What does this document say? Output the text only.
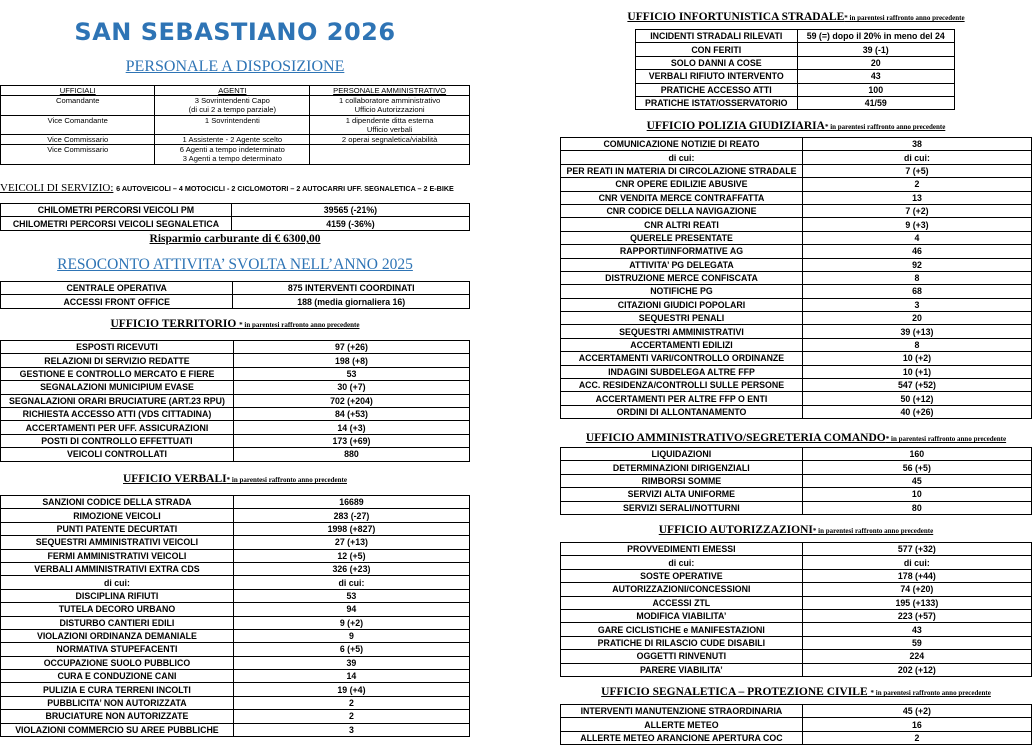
SAN SEBASTIANO 2026
PERSONALE A DISPOSIZIONE
UFFICIALI	AGENTI	PERSONALE AMMINISTRATIVO
Comandante	3 Sovrintendenti Capo	1 collaboratore amministrativo
	(di cui 2 a tempo parziale)	Ufficio Autorizzazioni
Vice Comandante	1 Sovrintendenti	1 dipendente ditta esterna
		Ufficio verbali
Vice Commissario	1 Assistente - 2 Agente scelto	2 operai segnaletica/viabilità
Vice Commissario	6 Agenti a tempo indeterminato	
	3 Agenti a tempo determinato	
VEICOLI DI SERVIZIO: 6 AUTOVEICOLI – 4 MOTOCICLI - 2 CICLOMOTORI – 2 AUTOCARRI UFF. SEGNALETICA – 2 E-BIKE
CHILOMETRI PERCORSI VEICOLI PM	39565 (-21%)
CHILOMETRI PERCORSI VEICOLI SEGNALETICA	4159 (-36%)
Risparmio carburante di € 6300,00
RESOCONTO ATTIVITA’ SVOLTA NELL’ANNO 2025
CENTRALE OPERATIVA	875 INTERVENTI COORDINATI
ACCESSI FRONT OFFICE	188 (media giornaliera 16)
UFFICIO TERRITORIO * in parentesi raffronto anno precedente
ESPOSTI RICEVUTI	97 (+26)
RELAZIONI DI SERVIZIO REDATTE	198 (+8)
GESTIONE E CONTROLLO MERCATO E FIERE	53
SEGNALAZIONI MUNICIPIUM EVASE	30 (+7)
SEGNALAZIONI ORARI BRUCIATURE (ART.23 RPU)	702 (+204)
RICHIESTA ACCESSO ATTI (VDS CITTADINA)	84 (+53)
ACCERTAMENTI PER UFF. ASSICURAZIONI	14 (+3)
POSTI DI CONTROLLO EFFETTUATI	173 (+69)
VEICOLI CONTROLLATI	880
UFFICIO VERBALI* in parentesi raffronto anno precedente
SANZIONI CODICE DELLA STRADA	16689
RIMOZIONE VEICOLI	283 (-27)
PUNTI PATENTE DECURTATI	1998 (+827)
SEQUESTRI AMMINISTRATIVI VEICOLI	27 (+13)
FERMI AMMINISTRATIVI VEICOLI	12 (+5)
VERBALI AMMINISTRATIVI EXTRA CDS	326 (+23)
di cui:	di cui:
DISCIPLINA RIFIUTI	53
TUTELA DECORO URBANO	94
DISTURBO CANTIERI EDILI	9 (+2)
VIOLAZIONI ORDINANZA DEMANIALE	9
NORMATIVA STUPEFACENTI	6 (+5)
OCCUPAZIONE SUOLO PUBBLICO	39
CURA E CONDUZIONE CANI	14
PULIZIA E CURA TERRENI INCOLTI	19 (+4)
PUBBLICITA’ NON AUTORIZZATA	2
BRUCIATURE NON AUTORIZZATE	2
VIOLAZIONI COMMERCIO SU AREE PUBBLICHE	3
UFFICIO INFORTUNISTICA STRADALE* in parentesi raffronto anno precedente
INCIDENTI STRADALI RILEVATI	59 (=) dopo il 20% in meno del 24
CON FERITI	39 (-1)
SOLO DANNI A COSE	20
VERBALI RIFIUTO INTERVENTO	43
PRATICHE ACCESSO ATTI	100
PRATICHE ISTAT/OSSERVATORIO	41/59
UFFICIO POLIZIA GIUDIZIARIA* in parentesi raffronto anno precedente
COMUNICAZIONE NOTIZIE DI REATO	38
di cui:	di cui:
PER REATI IN MATERIA DI CIRCOLAZIONE STRADALE	7 (+5)
CNR OPERE EDILIZIE ABUSIVE	2
CNR VENDITA MERCE CONTRAFFATTA	13
CNR CODICE DELLA NAVIGAZIONE	7 (+2)
CNR ALTRI REATI	9 (+3)
QUERELE PRESENTATE	4
RAPPORTI/INFORMATIVE AG	46
ATTIVITA’ PG DELEGATA	92
DISTRUZIONE MERCE CONFISCATA	8
NOTIFICHE PG	68
CITAZIONI GIUDICI POPOLARI	3
SEQUESTRI PENALI	20
SEQUESTRI AMMINISTRATIVI	39 (+13)
ACCERTAMENTI EDILIZI	8
ACCERTAMENTI VARI/CONTROLLO ORDINANZE	10 (+2)
INDAGINI SUBDELEGA ALTRE FFP	10 (+1)
ACC. RESIDENZA/CONTROLLI SULLE PERSONE	547 (+52)
ACCERTAMENTI PER ALTRE FFP O ENTI	50 (+12)
ORDINI DI ALLONTANAMENTO	40 (+26)
UFFICIO AMMINISTRATIVO/SEGRETERIA COMANDO* in parentesi raffronto anno precedente
LIQUIDAZIONI	160
DETERMINAZIONI DIRIGENZIALI	56 (+5)
RIMBORSI SOMME	45
SERVIZI ALTA UNIFORME	10
SERVIZI SERALI/NOTTURNI	80
UFFICIO AUTORIZZAZIONI* in parentesi raffronto anno precedente
PROVVEDIMENTI EMESSI	577 (+32)
di cui:	di cui:
SOSTE OPERATIVE	178 (+44)
AUTORIZZAZIONI/CONCESSIONI	74 (+20)
ACCESSI ZTL	195 (+133)
MODIFICA VIABILITA’	223 (+57)
GARE CICLISTICHE e MANIFESTAZIONI	43
PRATICHE DI RILASCIO CUDE DISABILI	59
OGGETTI RINVENUTI	224
PARERE VIABILITA’	202 (+12)
UFFICIO SEGNALETICA – PROTEZIONE CIVILE * in parentesi raffronto anno precedente
INTERVENTI MANUTENZIONE STRAORDINARIA	45 (+2)
ALLERTE METEO	16
ALLERTE METEO ARANCIONE APERTURA COC	2
